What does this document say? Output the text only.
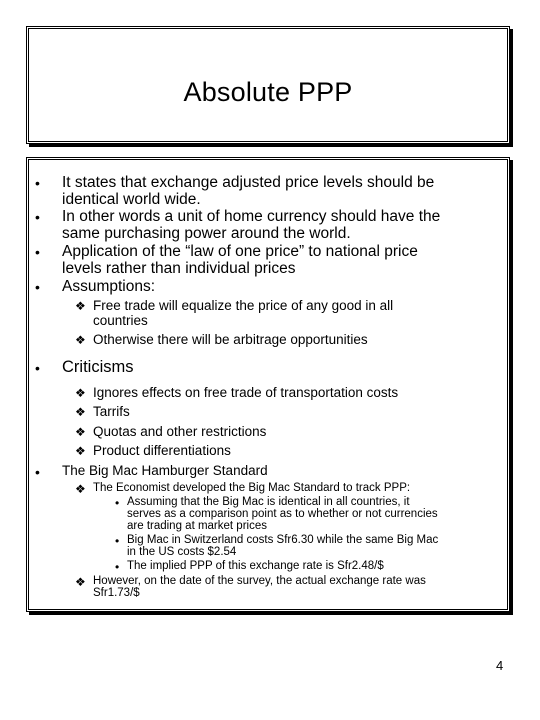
Absolute PPP
• It states that exchange adjusted price levels should be
identical world wide.
• In other words a unit of home currency should have the
same purchasing power around the world.
• Application of the “law of one price” to national price
levels rather than individual prices
• Assumptions:
❖ Free trade will equalize the price of any good in all
countries
❖ Otherwise there will be arbitrage opportunities
• Criticisms
❖ Ignores effects on free trade of transportation costs
❖ Tarrifs
❖ Quotas and other restrictions
❖ Product differentiations
• The Big Mac Hamburger Standard
❖ The Economist developed the Big Mac Standard to track PPP:
• Assuming that the Big Mac is identical in all countries, it
serves as a comparison point as to whether or not currencies
are trading at market prices
• Big Mac in Switzerland costs Sfr6.30 while the same Big Mac
in the US costs $2.54
• The implied PPP of this exchange rate is Sfr2.48/$
❖ However, on the date of the survey, the actual exchange rate was
Sfr1.73/$
4
